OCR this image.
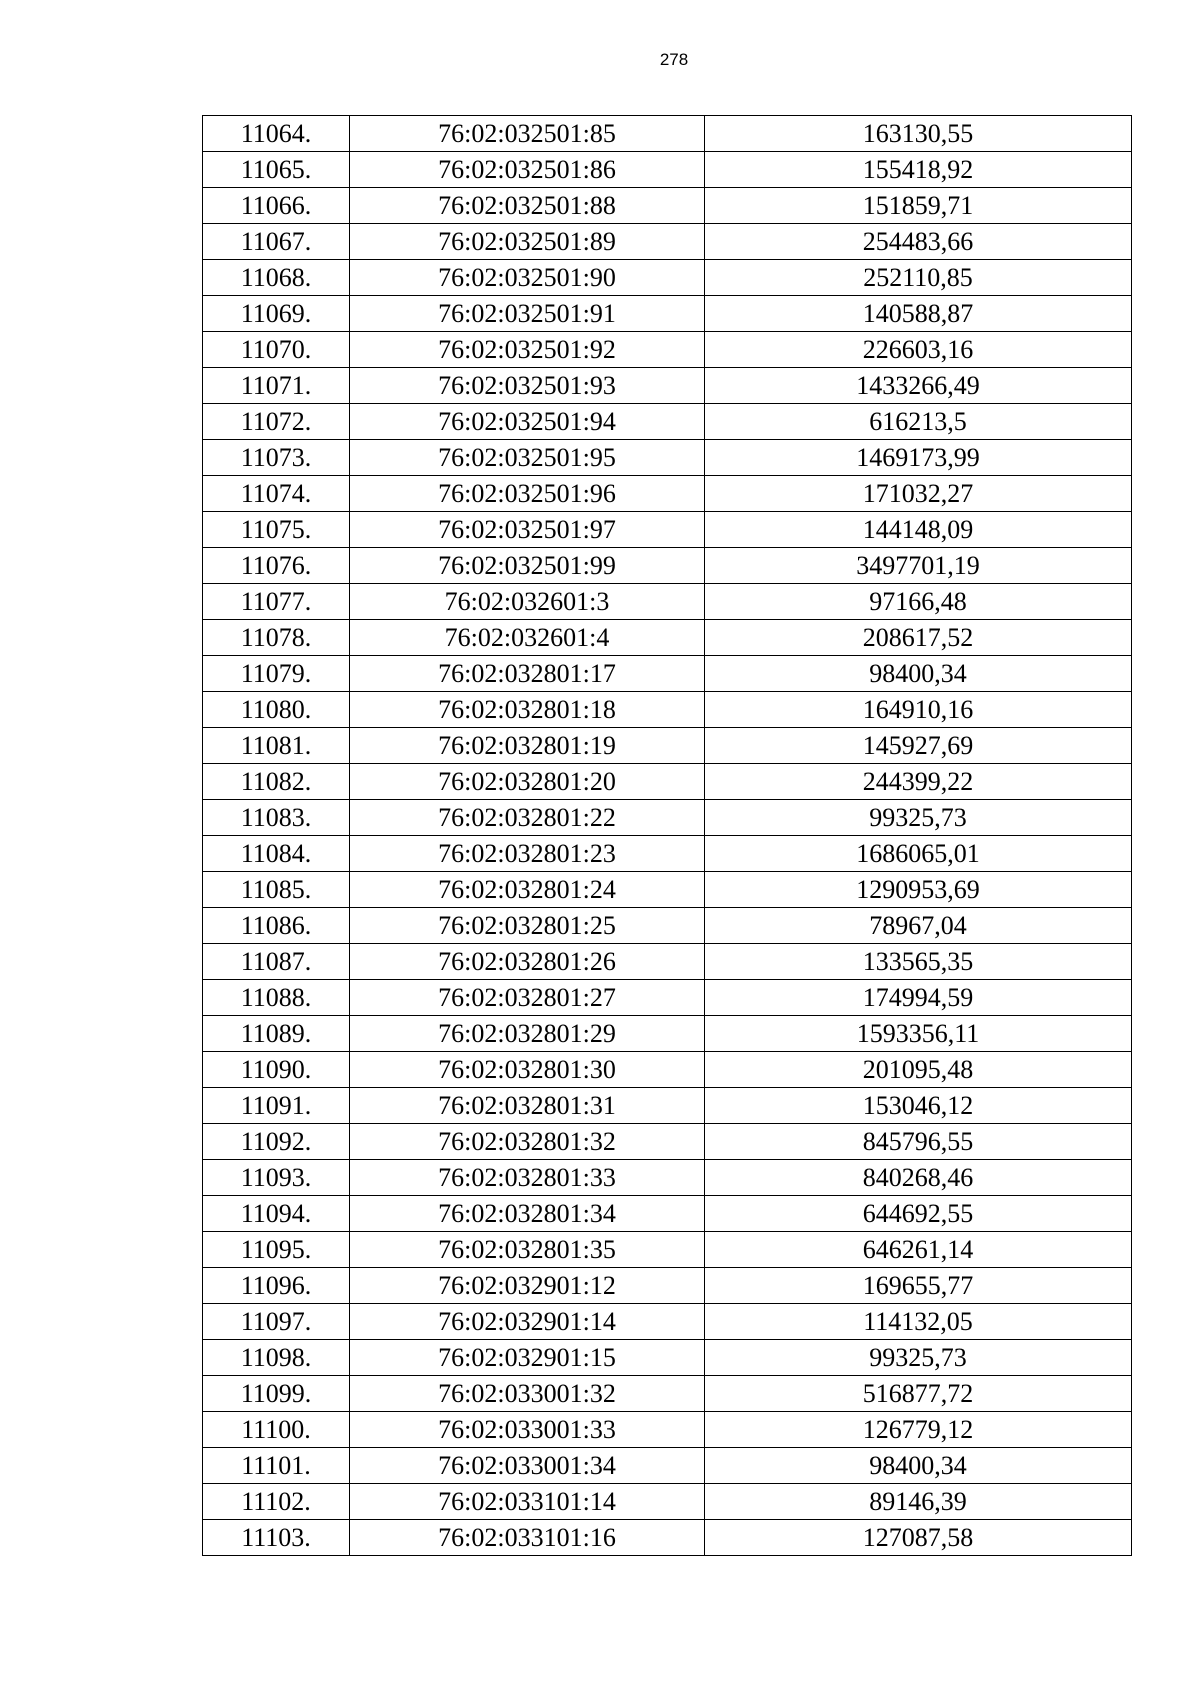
278
11064.	76:02:032501:85	163130,55
11065.	76:02:032501:86	155418,92
11066.	76:02:032501:88	151859,71
11067.	76:02:032501:89	254483,66
11068.	76:02:032501:90	252110,85
11069.	76:02:032501:91	140588,87
11070.	76:02:032501:92	226603,16
11071.	76:02:032501:93	1433266,49
11072.	76:02:032501:94	616213,5
11073.	76:02:032501:95	1469173,99
11074.	76:02:032501:96	171032,27
11075.	76:02:032501:97	144148,09
11076.	76:02:032501:99	3497701,19
11077.	76:02:032601:3	97166,48
11078.	76:02:032601:4	208617,52
11079.	76:02:032801:17	98400,34
11080.	76:02:032801:18	164910,16
11081.	76:02:032801:19	145927,69
11082.	76:02:032801:20	244399,22
11083.	76:02:032801:22	99325,73
11084.	76:02:032801:23	1686065,01
11085.	76:02:032801:24	1290953,69
11086.	76:02:032801:25	78967,04
11087.	76:02:032801:26	133565,35
11088.	76:02:032801:27	174994,59
11089.	76:02:032801:29	1593356,11
11090.	76:02:032801:30	201095,48
11091.	76:02:032801:31	153046,12
11092.	76:02:032801:32	845796,55
11093.	76:02:032801:33	840268,46
11094.	76:02:032801:34	644692,55
11095.	76:02:032801:35	646261,14
11096.	76:02:032901:12	169655,77
11097.	76:02:032901:14	114132,05
11098.	76:02:032901:15	99325,73
11099.	76:02:033001:32	516877,72
11100.	76:02:033001:33	126779,12
11101.	76:02:033001:34	98400,34
11102.	76:02:033101:14	89146,39
11103.	76:02:033101:16	127087,58
